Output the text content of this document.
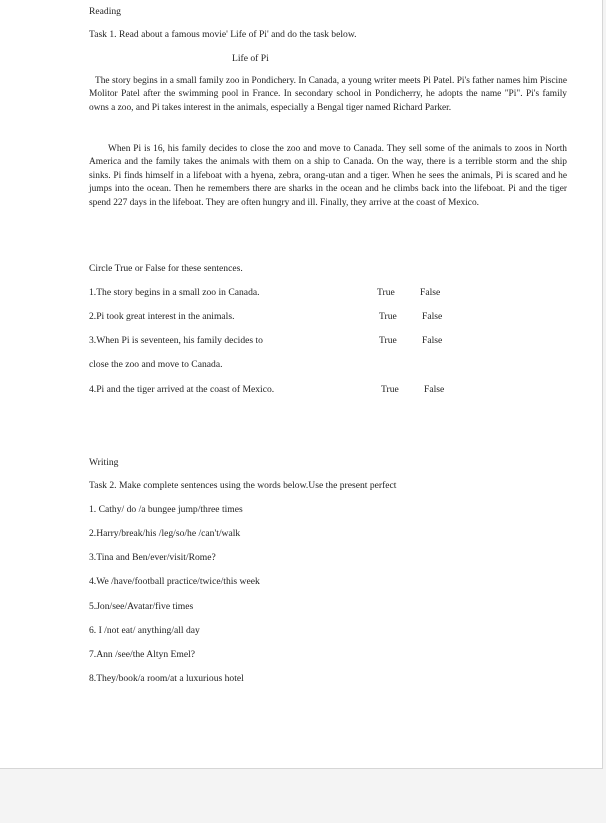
Reading
Task 1. Read about a famous movie' Life of Pi' and do the task below.
Life of Pi
The story begins in a small family zoo in Pondichery. In Canada, a young writer meets Pi Patel. Pi's father names him Piscine Molitor Patel after the swimming pool in France. In secondary school in Pondicherry, he adopts the name "Pi". Pi's family owns a zoo, and Pi takes interest in the animals, especially a Bengal tiger named Richard Parker.
When Pi is 16, his family decides to close the zoo and move to Canada. They sell some of the animals to zoos in North America and the family takes the animals with them on a ship to Canada. On the way, there is a terrible storm and the ship sinks. Pi finds himself in a lifeboat with a hyena, zebra, orang-utan and a tiger. When he sees the animals, Pi is scared and he jumps into the ocean. Then he remembers there are sharks in the ocean and he climbs back into the lifeboat. Pi and the tiger spend 227 days in the lifeboat. They are often hungry and ill. Finally, they arrive at the coast of Mexico.
Circle True or False for these sentences.
1.The story begins in a small zoo in Canada.	True	False
2.Pi took great interest in the animals.	True	False
3.When Pi is seventeen, his family decides to	True	False
close the zoo and move to Canada.
4.Pi and the tiger arrived at the coast of Mexico.	True	False
Writing
Task 2. Make complete sentences using the words below.Use the present perfect
1. Cathy/ do /a bungee jump/three times
2.Harry/break/his /leg/so/he /can't/walk
3.Tina and Ben/ever/visit/Rome?
4.We /have/football practice/twice/this week
5.Jon/see/Avatar/five times
6. I /not eat/ anything/all day
7.Ann /see/the Altyn Emel?
8.They/book/a room/at a luxurious hotel
